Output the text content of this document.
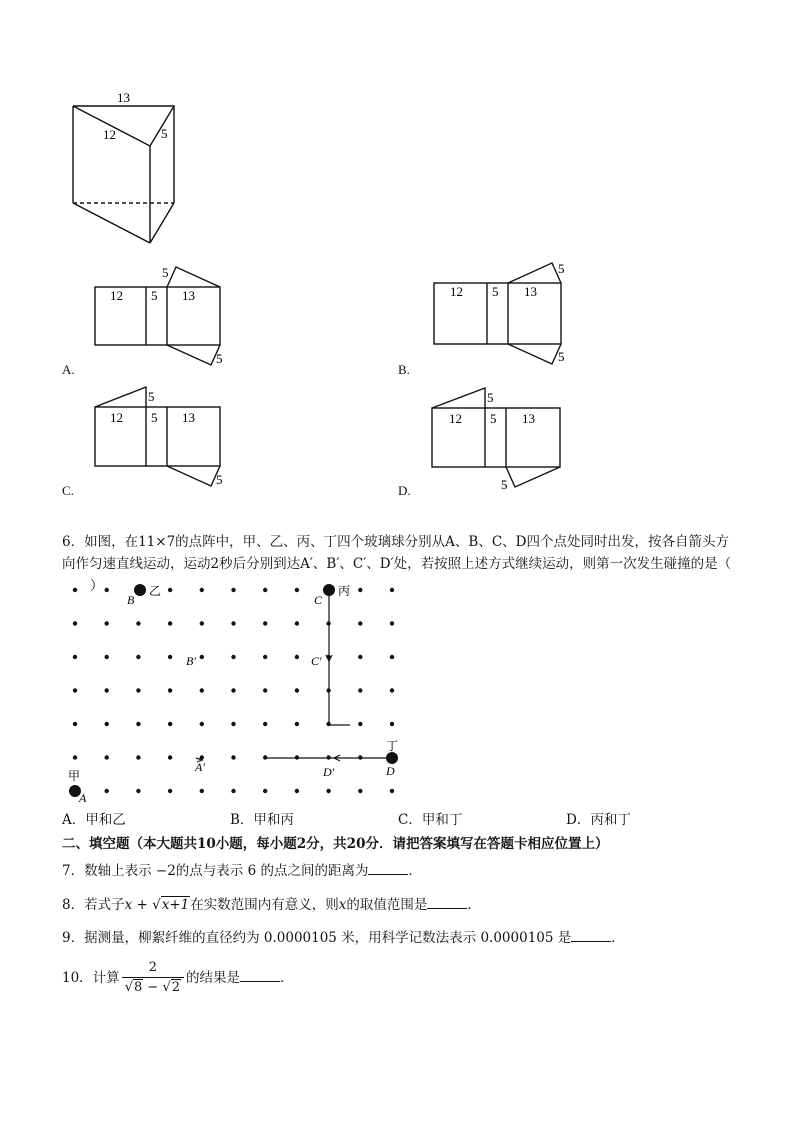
13
12	5
12 5 13
5
5
12 5 13
5
5
12 5 13
5
5
12 5 13
5
5
A.	B.
C.	D.
6．如图，在11×7的点阵中，甲、乙、丙、丁四个玻璃球分别从A、B、C、D四个点处同时出发，按各自箭头方向作匀速直线运动，运动2秒后分别到达A′、B′、C′、D′处，若按照上述方式继续运动，则第一次发生碰撞的是（）
B
乙
C
丙
B′	C′
A′	D′
丁
D
甲
A
A．甲和乙	B．甲和丙	C．甲和丁	D．丙和丁
二、填空题（本大题共10小题，每小题2分，共20分．请把答案填写在答题卡相应位置上）
7．数轴上表示 −2的点与表示 6 的点之间的距离为	．
8．若式子x + √x+1在实数范围内有意义，则x的取值范围是	．
9．据测量，柳絮纤维的直径约为 0.0000105 米，用科学记数法表示 0.0000105 是	．
10．计算 $\frac{2}{√8 - √2}$ 的结果是	．
